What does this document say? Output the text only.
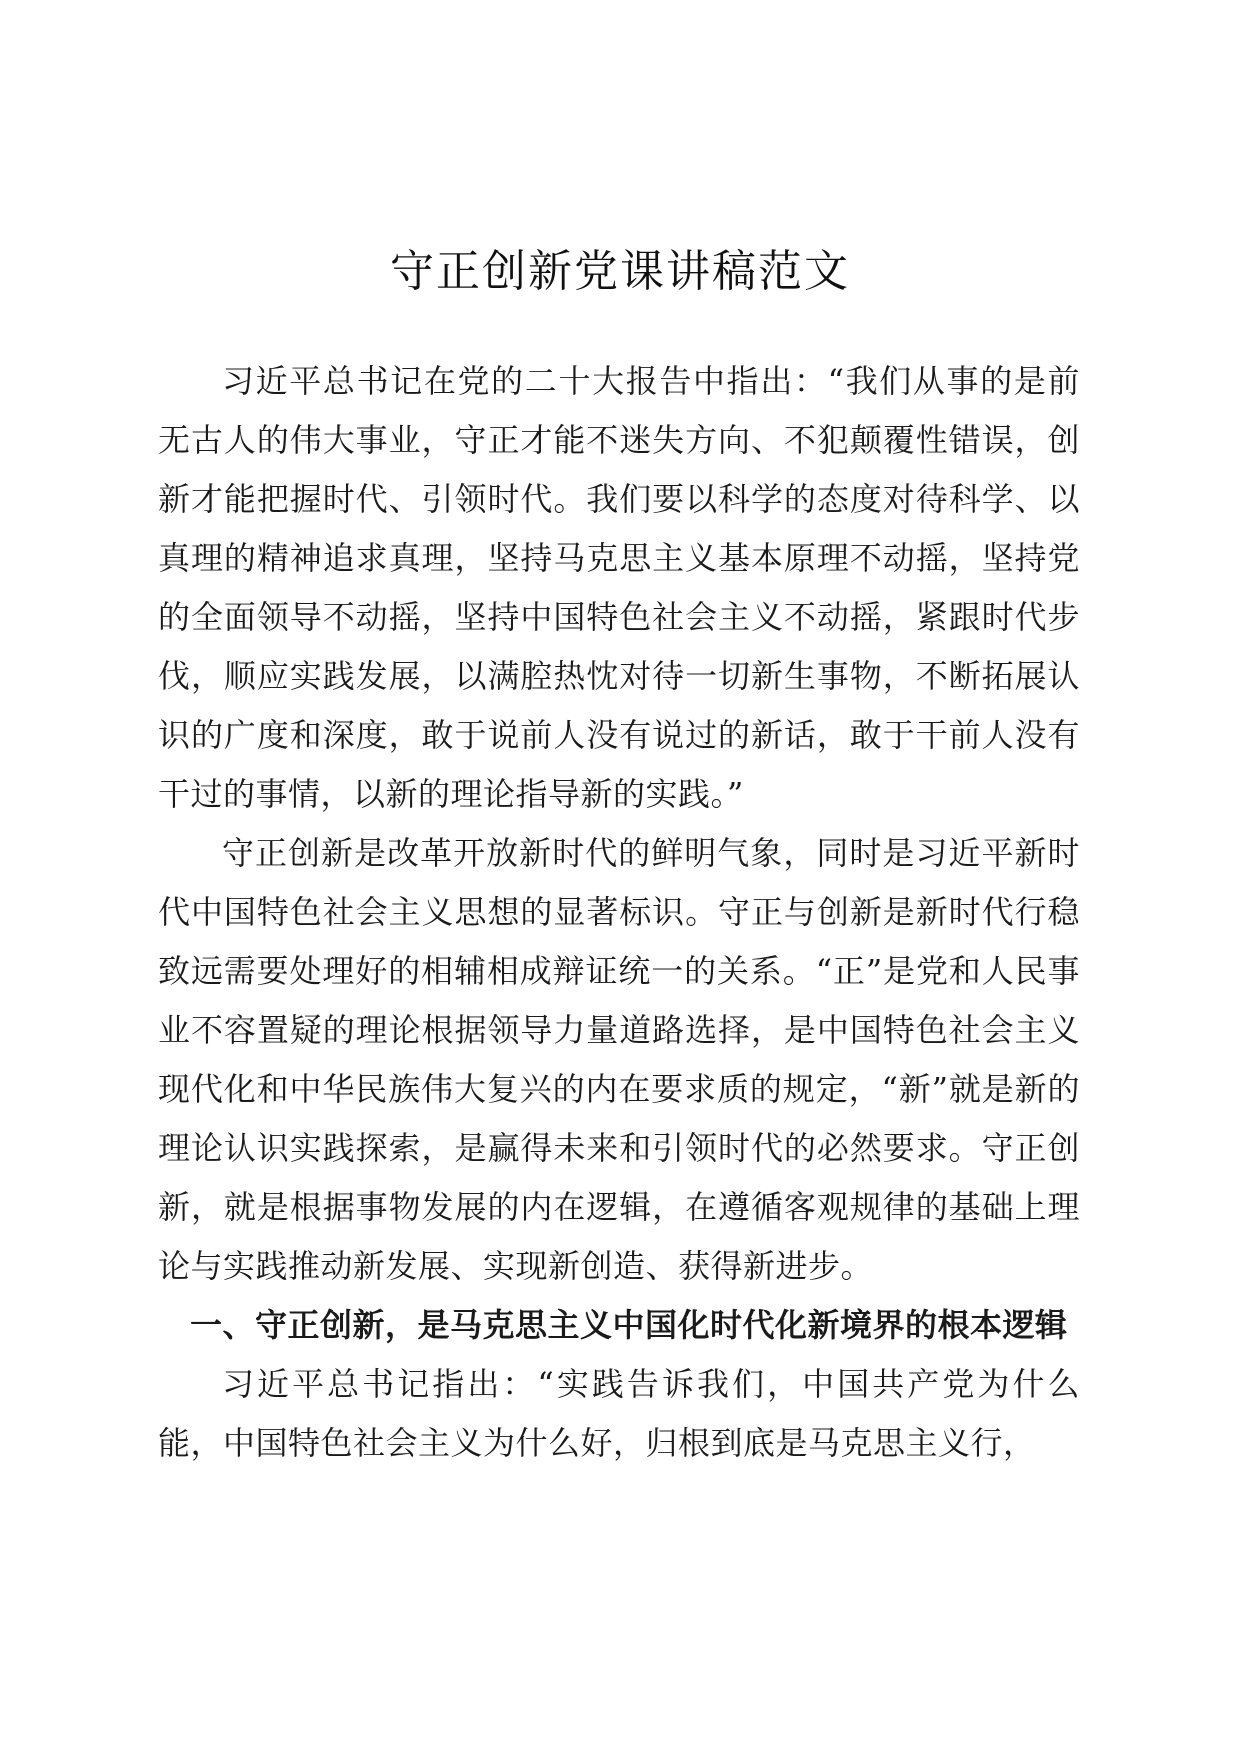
守正创新党课讲稿范文

习近平总书记在党的二十大报告中指出：“我们从事的是前无古人的伟大事业，守正才能不迷失方向、不犯颠覆性错误，创新才能把握时代、引领时代。我们要以科学的态度对待科学、以真理的精神追求真理，坚持马克思主义基本原理不动摇，坚持党的全面领导不动摇，坚持中国特色社会主义不动摇，紧跟时代步伐，顺应实践发展，以满腔热忱对待一切新生事物，不断拓展认识的广度和深度，敢于说前人没有说过的新话，敢于干前人没有干过的事情，以新的理论指导新的实践。”

守正创新是改革开放新时代的鲜明气象，同时是习近平新时代中国特色社会主义思想的显著标识。守正与创新是新时代行稳致远需要处理好的相辅相成辩证统一的关系。“正”是党和人民事业不容置疑的理论根据领导力量道路选择，是中国特色社会主义现代化和中华民族伟大复兴的内在要求质的规定，“新”就是新的理论认识实践探索，是赢得未来和引领时代的必然要求。守正创新，就是根据事物发展的内在逻辑，在遵循客观规律的基础上理论与实践推动新发展、实现新创造、获得新进步。

一、守正创新，是马克思主义中国化时代化新境界的根本逻辑

习近平总书记指出：“实践告诉我们，中国共产党为什么能，中国特色社会主义为什么好，归根到底是马克思主义行，
